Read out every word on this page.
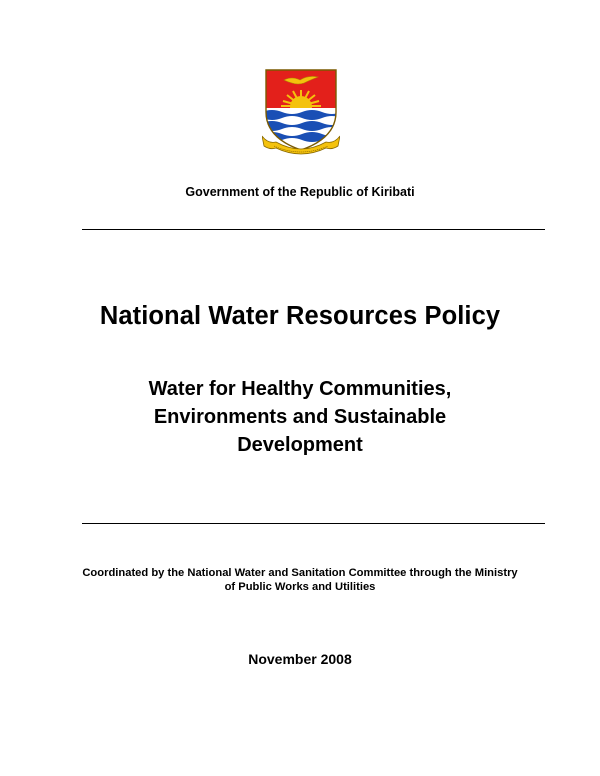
Government of the Republic of Kiribati

National Water Resources Policy
Water for Healthy Communities,
Environments and Sustainable
Development

Coordinated by the National Water and Sanitation Committee through the Ministry
of Public Works and Utilities

November 2008
